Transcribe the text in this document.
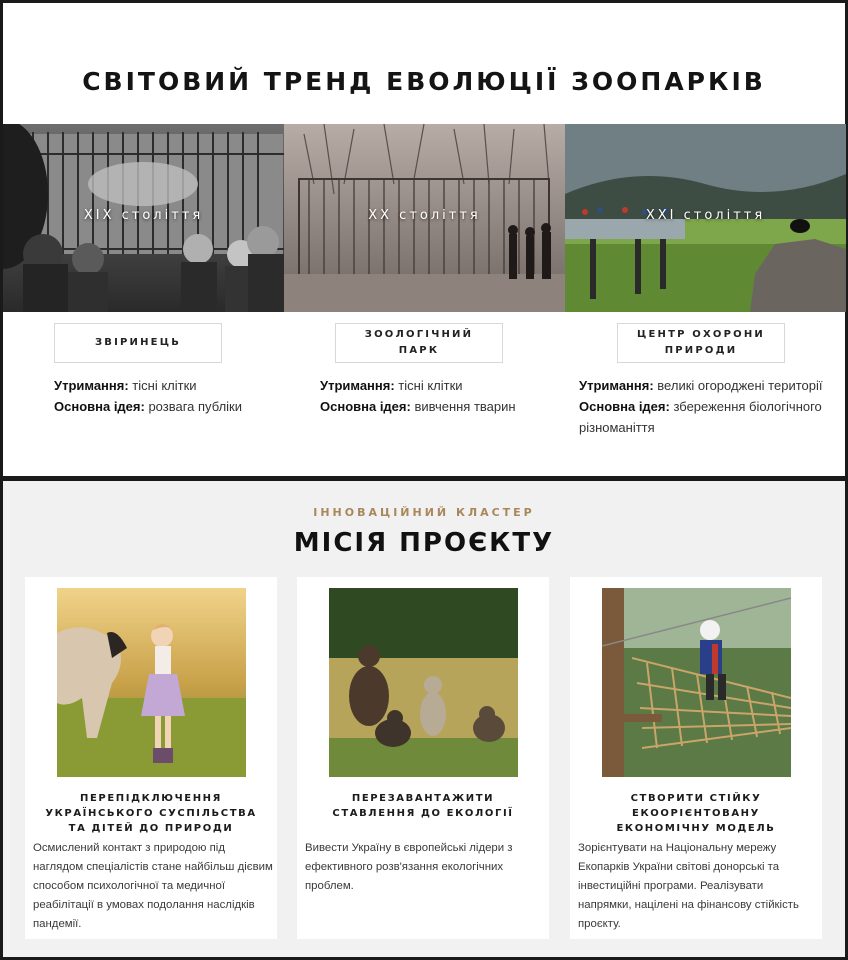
СВІТОВИЙ ТРЕНД ЕВОЛЮЦІЇ ЗООПАРКІВ
XIX століття	XX століття	XXI століття
ЗВІРИНЕЦЬ
ЗООЛОГІЧНИЙ ПАРК
ЦЕНТР ОХОРОНИ ПРИРОДИ
Утримання: тісні клітки
Основна ідея: розвага публіки
Утримання: тісні клітки
Основна ідея: вивчення тварин
Утримання: великі огороджені території
Основна ідея: збереження біологічного різноманіття
ІННОВАЦІЙНИЙ КЛАСТЕР
МІСІЯ ПРОЄКТУ
ПЕРЕПІДКЛЮЧЕННЯ
УКРАЇНСЬКОГО СУСПІЛЬСТВА
ТА ДІТЕЙ ДО ПРИРОДИ
Осмислений контакт з природою під наглядом спеціалістів стане найбільш дієвим способом психологічної та медичної реабілітації в умовах подолання наслідків пандемії.
ПЕРЕЗАВАНТАЖИТИ
СТАВЛЕННЯ ДО ЕКОЛОГІЇ
Вивести Україну в європейські лідери з ефективного розв'язання екологічних проблем.
СТВОРИТИ СТІЙКУ
ЕКООРІЄНТОВАНУ
ЕКОНОМІЧНУ МОДЕЛЬ
Зорієнтувати на Національну мережу Екопарків України світові донорські та інвестиційні програми. Реалізувати напрямки, націлені на фінансову стійкість проєкту.
